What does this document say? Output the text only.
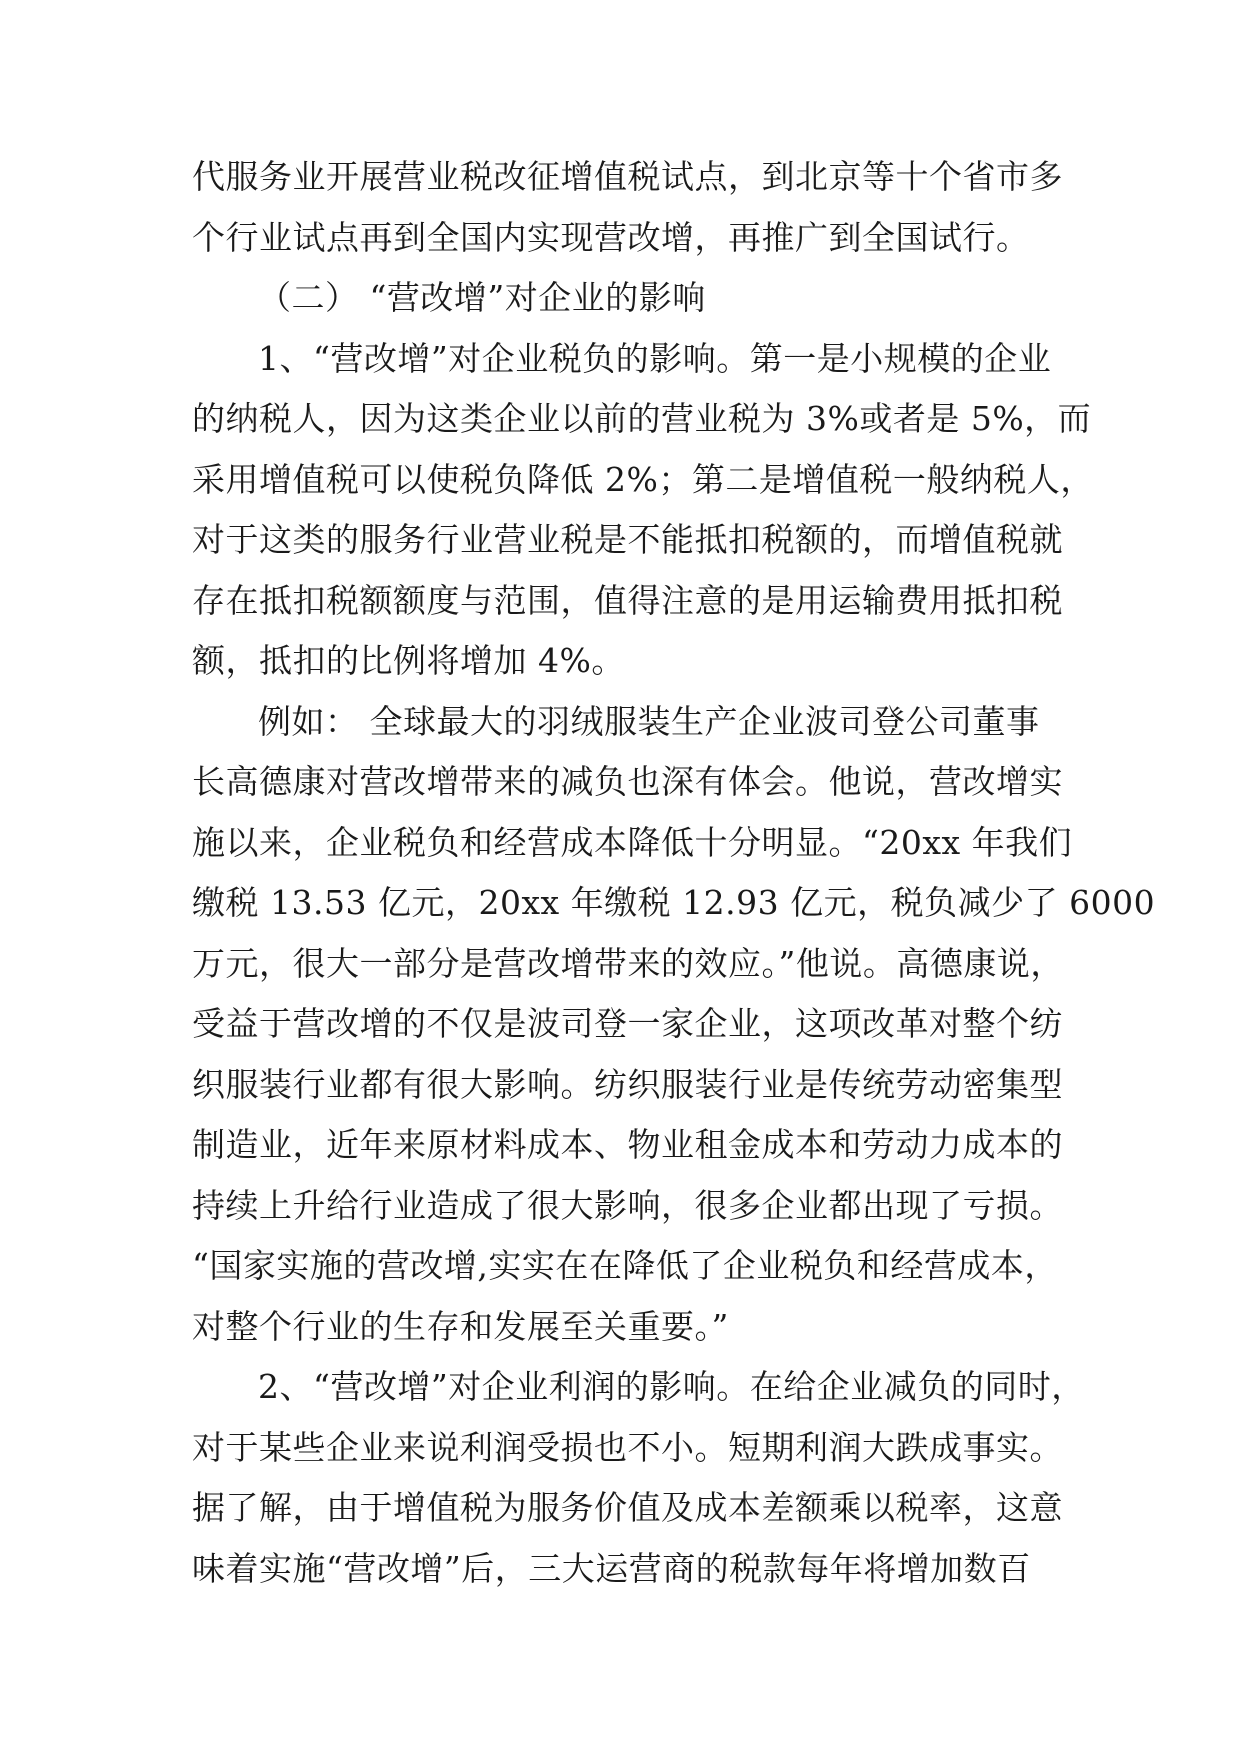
代服务业开展营业税改征增值税试点，到北京等十个省市多
个行业试点再到全国内实现营改增，再推广到全国试行。
（二） “营改增”对企业的影响
1、“营改增”对企业税负的影响。第一是小规模的企业
的纳税人，因为这类企业以前的营业税为 3%或者是 5%，而
采用增值税可以使税负降低 2%；第二是增值税一般纳税人，
对于这类的服务行业营业税是不能抵扣税额的，而增值税就
存在抵扣税额额度与范围，值得注意的是用运输费用抵扣税
额，抵扣的比例将增加 4%。
例如： 全球最大的羽绒服装生产企业波司登公司董事
长高德康对营改增带来的减负也深有体会。他说，营改增实
施以来，企业税负和经营成本降低十分明显。“20xx 年我们
缴税 13.53 亿元，20xx 年缴税 12.93 亿元，税负减少了 6000
万元，很大一部分是营改增带来的效应。”他说。高德康说，
受益于营改增的不仅是波司登一家企业，这项改革对整个纺
织服装行业都有很大影响。纺织服装行业是传统劳动密集型
制造业，近年来原材料成本、物业租金成本和劳动力成本的
持续上升给行业造成了很大影响，很多企业都出现了亏损。
“国家实施的营改增,实实在在降低了企业税负和经营成本，
对整个行业的生存和发展至关重要。”
2、“营改增”对企业利润的影响。在给企业减负的同时，
对于某些企业来说利润受损也不小。短期利润大跌成事实。
据了解，由于增值税为服务价值及成本差额乘以税率，这意
味着实施“营改增”后，三大运营商的税款每年将增加数百
